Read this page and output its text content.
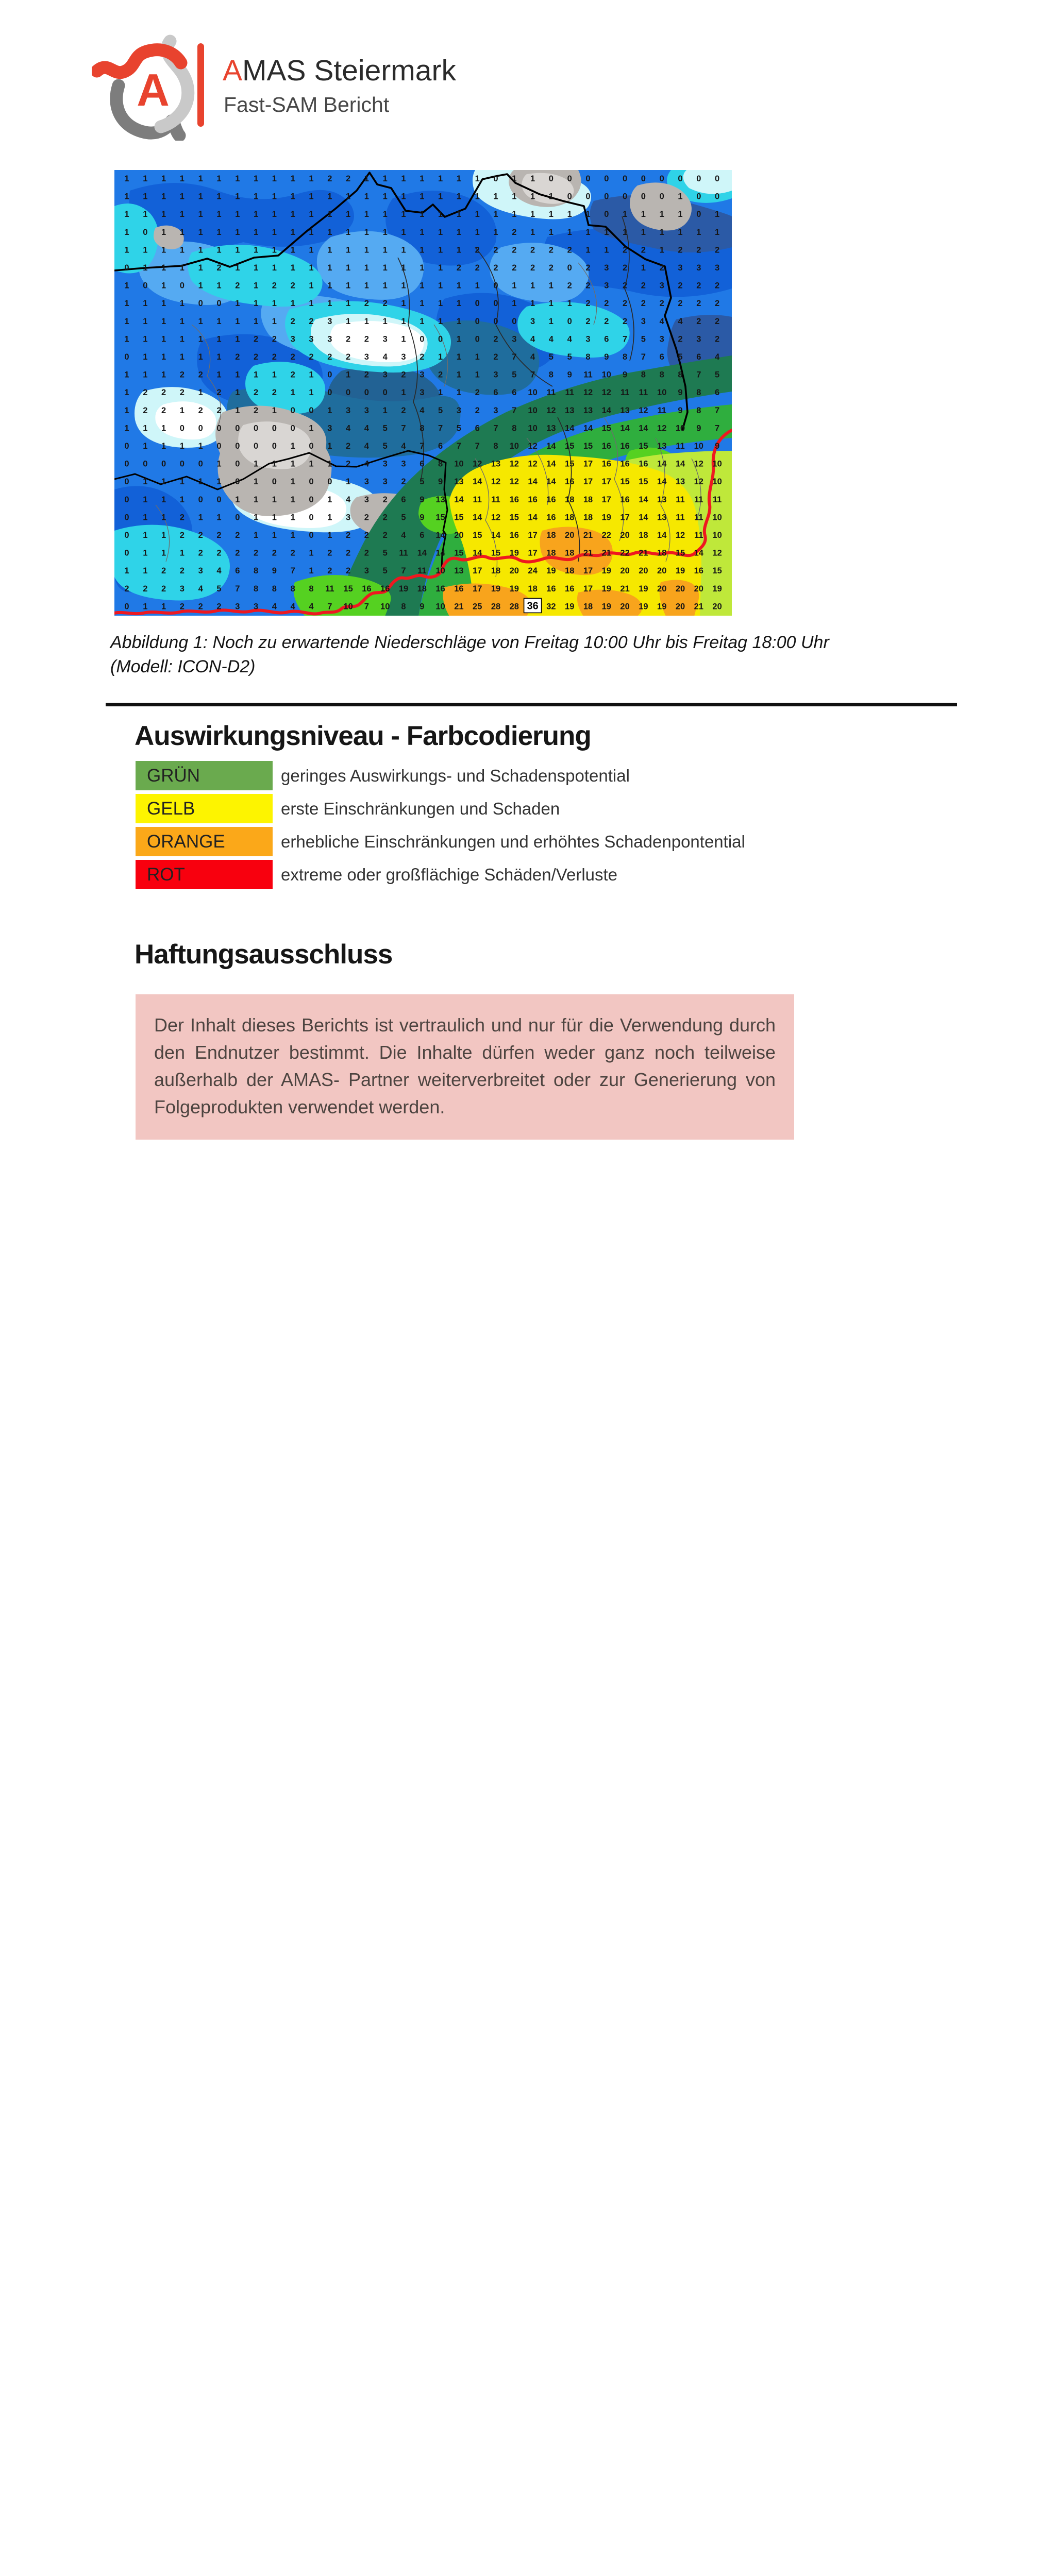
A AMAS Steiermark
Fast-SAM Bericht
1 1 1 1 1 1 1 1 1 1 1 2 2 1 1 1 1 1 1 1 0 1 1 0 0 0 0 0 0 0 0 0 0
1 1 1 1 1 1 1 1 1 1 1 1 1 1 1 1 1 1 1 1 1 1 1 1 0 0 0 0 0 0 1 0 0
1 1 1 1 1 1 1 1 1 1 1 1 1 1 1 1 1 1 1 1 1 1 1 1 1 1 0 1 1 1 1 0 1
1 0 1 1 1 1 1 1 1 1 1 1 1 1 1 1 1 1 1 1 1 2 1 1 1 1 1 1 1 1 1 1 1
1 1 1 1 1 1 1 1 1 1 1 1 1 1 1 1 1 1 1 2 2 2 2 2 2 1 1 2 2 1 2 2 2
0 1 1 1 1 2 1 1 1 1 1 1 1 1 1 1 1 1 2 2 2 2 2 2 0 2 3 2 1 2 3 3 3
1 0 1 0 1 1 2 1 2 2 1 1 1 1 1 1 1 1 1 1 0 1 1 1 2 2 3 2 2 3 2 2 2
1 1 1 1 0 0 1 1 1 1 1 1 1 2 2 1 1 1 1 0 0 1 1 1 1 2 2 2 2 2 2 2 2
1 1 1 1 1 1 1 1 1 2 2 3 1 1 1 1 1 1 1 0 0 0 3 1 0 2 2 2 3 4 4 2 2
1 1 1 1 1 1 1 2 2 3 3 3 2 2 3 1 0 0 1 0 2 3 4 4 4 3 6 7 5 3 2 3 2
0 1 1 1 1 1 2 2 2 2 2 2 2 3 4 3 2 1 1 1 2 7 4 5 5 8 9 8 7 6 5 6 4
1 1 1 2 2 1 1 1 1 2 1 0 1 2 3 2 3 2 1 1 3 5 7 8 9 11 10 9 8 8 8 7 5
1 2 2 2 1 2 1 2 2 1 1 0 0 0 0 1 3 1 1 2 6 6 10 11 11 12 12 11 11 10 9 8 6
1 2 2 1 2 2 1 2 1 0 0 1 3 3 1 2 4 5 3 2 3 7 10 12 13 13 14 13 12 11 9 8 7
1 1 1 0 0 0 0 0 0 0 1 3 4 4 5 7 8 7 5 6 7 8 10 13 14 14 15 14 14 12 10 9 7
0 1 1 1 1 0 0 0 0 1 0 1 2 4 5 4 7 6 7 7 8 10 12 14 15 15 16 16 15 13 11 10 9
0 0 0 0 0 1 0 1 1 1 1 1 2 4 3 3 6 8 10 12 13 12 12 14 15 17 16 16 16 14 14 12 10
0 1 1 1 1 1 0 1 0 1 0 0 1 3 3 2 5 9 13 14 12 12 14 14 16 17 17 15 15 14 13 12 10
0 1 1 1 0 0 1 1 1 1 0 1 4 3 2 6 9 13 14 11 11 16 16 16 18 18 17 16 14 13 11 11 11
0 1 1 2 1 1 0 1 1 1 0 1 3 2 2 5 9 15 15 14 12 15 14 16 18 18 19 17 14 13 11 11 10
0 1 1 2 2 2 2 1 1 1 0 1 2 2 2 4 6 14 20 15 14 16 17 18 20 21 22 20 18 14 12 11 10
0 1 1 1 2 2 2 2 2 2 1 2 2 2 5 11 14 14 15 14 15 19 17 18 18 21 21 22 21 18 15 14 12
1 1 2 2 3 4 6 8 9 7 1 2 2 3 5 7 11 10 13 17 18 20 24 19 18 17 19 20 20 20 19 16 15
2 2 2 3 4 5 7 8 8 8 8 11 15 16 16 19 18 16 16 17 19 19 18 16 16 17 19 21 19 20 20 20 19
0 1 1 2 2 2 3 3 4 4 4 7 10 7 10 8 9 10 21 25 28 28 36 32 19 18 19 20 19 19 20 21 20
Abbildung 1: Noch zu erwartende Niederschläge von Freitag 10:00 Uhr bis Freitag 18:00 Uhr
(Modell: ICON-D2)
Auswirkungsniveau - Farbcodierung
GRÜN	geringes Auswirkungs- und Schadenspotential
GELB	erste Einschränkungen und Schaden
ORANGE	erhebliche Einschränkungen und erhöhtes Schadenpontential
ROT	extreme oder großflächige Schäden/Verluste
Haftungsausschluss

Der Inhalt dieses Berichts ist vertraulich und nur für die Verwendung durch den Endnutzer bestimmt. Die Inhalte dürfen weder ganz noch teilweise außerhalb der AMAS- Partner weiterverbreitet oder zur Generierung von Folgeprodukten verwendet werden.
